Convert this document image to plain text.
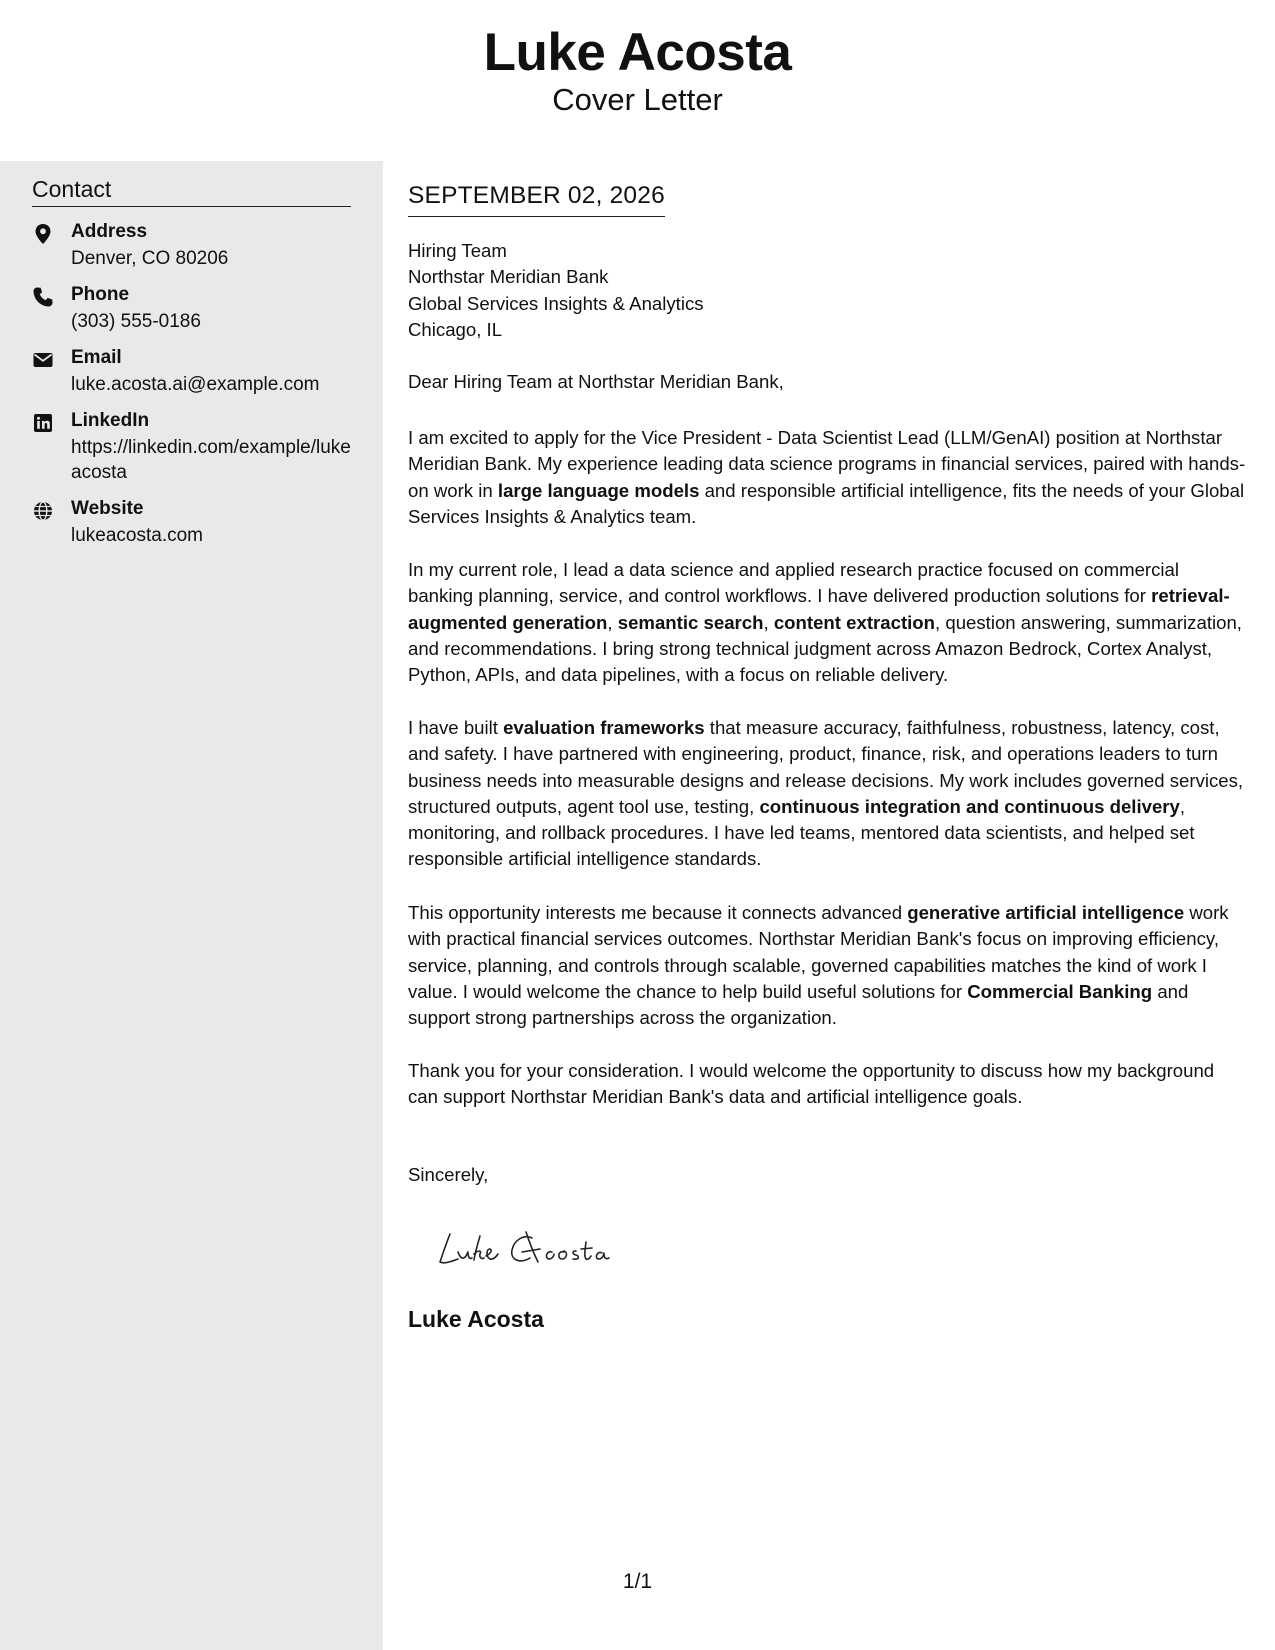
Luke Acosta
Cover Letter
Contact
Address
Denver, CO 80206
Phone
(303) 555-0186
Email
luke.acosta.ai@example.com
LinkedIn
https://linkedin.com/example/lukeacosta
Website
lukeacosta.com
SEPTEMBER 02, 2026
Hiring Team
Northstar Meridian Bank
Global Services Insights & Analytics
Chicago, IL
Dear Hiring Team at Northstar Meridian Bank,

I am excited to apply for the Vice President - Data Scientist Lead (LLM/GenAI) position at Northstar Meridian Bank. My experience leading data science programs in financial services, paired with hands-on work in large language models and responsible artificial intelligence, fits the needs of your Global Services Insights & Analytics team.

In my current role, I lead a data science and applied research practice focused on commercial banking planning, service, and control workflows. I have delivered production solutions for retrieval-augmented generation, semantic search, content extraction, question answering, summarization, and recommendations. I bring strong technical judgment across Amazon Bedrock, Cortex Analyst, Python, APIs, and data pipelines, with a focus on reliable delivery.

I have built evaluation frameworks that measure accuracy, faithfulness, robustness, latency, cost, and safety. I have partnered with engineering, product, finance, risk, and operations leaders to turn business needs into measurable designs and release decisions. My work includes governed services, structured outputs, agent tool use, testing, continuous integration and continuous delivery, monitoring, and rollback procedures. I have led teams, mentored data scientists, and helped set responsible artificial intelligence standards.

This opportunity interests me because it connects advanced generative artificial intelligence work with practical financial services outcomes. Northstar Meridian Bank's focus on improving efficiency, service, planning, and controls through scalable, governed capabilities matches the kind of work I value. I would welcome the chance to help build useful solutions for Commercial Banking and support strong partnerships across the organization.

Thank you for your consideration. I would welcome the opportunity to discuss how my background can support Northstar Meridian Bank's data and artificial intelligence goals.

Sincerely,
Luke Acosta
1/1
